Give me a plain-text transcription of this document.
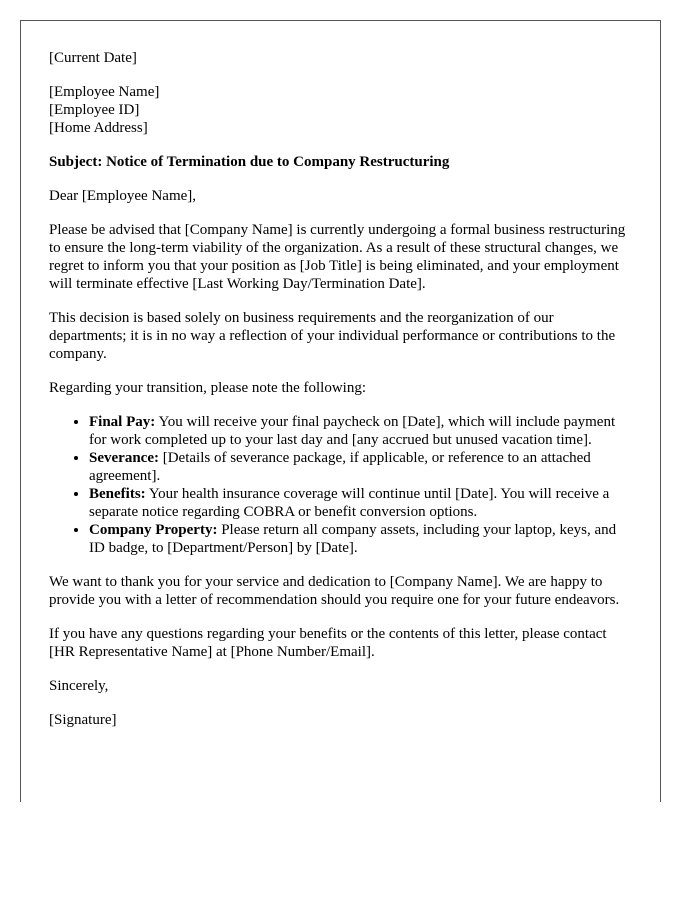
[Current Date]

[Employee Name]
[Employee ID]
[Home Address]

Subject: Notice of Termination due to Company Restructuring

Dear [Employee Name],

Please be advised that [Company Name] is currently undergoing a formal business restructuring to ensure the long-term viability of the organization. As a result of these structural changes, we regret to inform you that your position as [Job Title] is being eliminated, and your employment will terminate effective [Last Working Day/Termination Date].

This decision is based solely on business requirements and the reorganization of our departments; it is in no way a reflection of your individual performance or contributions to the company.

Regarding your transition, please note the following:

• Final Pay: You will receive your final paycheck on [Date], which will include payment for work completed up to your last day and [any accrued but unused vacation time].
• Severance: [Details of severance package, if applicable, or reference to an attached agreement].
• Benefits: Your health insurance coverage will continue until [Date]. You will receive a separate notice regarding COBRA or benefit conversion options.
• Company Property: Please return all company assets, including your laptop, keys, and ID badge, to [Department/Person] by [Date].

We want to thank you for your service and dedication to [Company Name]. We are happy to provide you with a letter of recommendation should you require one for your future endeavors.

If you have any questions regarding your benefits or the contents of this letter, please contact [HR Representative Name] at [Phone Number/Email].

Sincerely,

[Signature]
